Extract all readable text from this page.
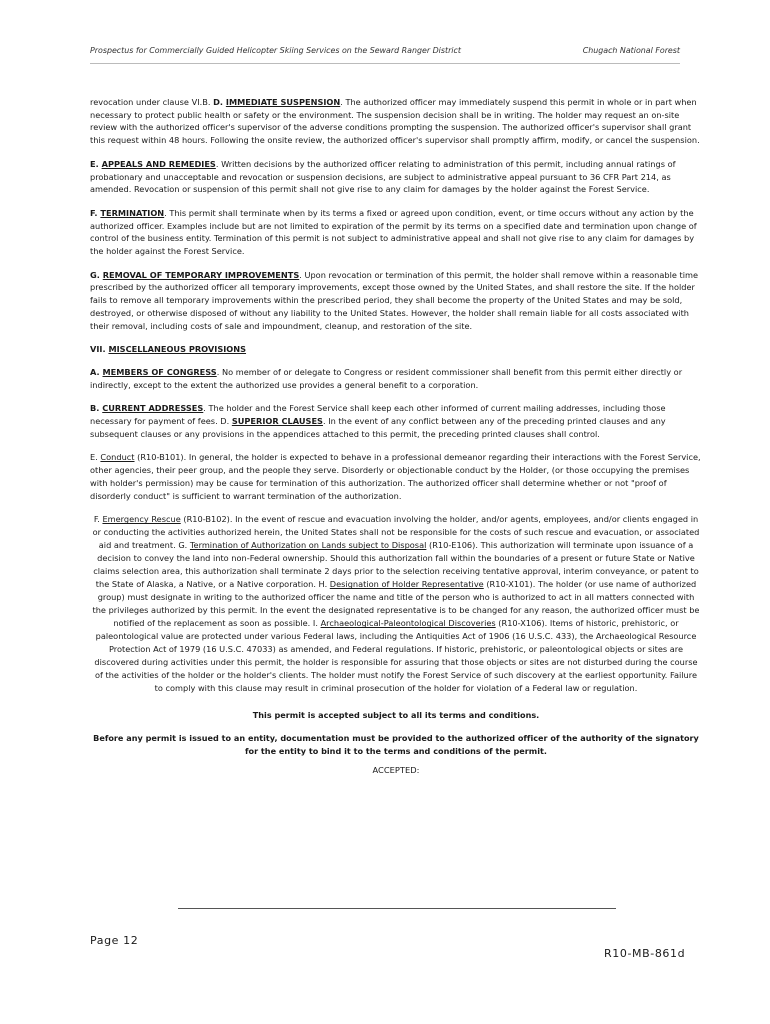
Prospectus for Commercially Guided Helicopter Skiing Services on the Seward Ranger District	Chugach National Forest

revocation under clause VI.B. D. IMMEDIATE SUSPENSION. The authorized officer may immediately suspend this permit in whole or in part when necessary to protect public health or safety or the environment. The suspension decision shall be in writing. The holder may request an on-site review with the authorized officer's supervisor of the adverse conditions prompting the suspension. The authorized officer's supervisor shall grant this request within 48 hours. Following the onsite review, the authorized officer's supervisor shall promptly affirm, modify, or cancel the suspension.

E. APPEALS AND REMEDIES. Written decisions by the authorized officer relating to administration of this permit, including annual ratings of probationary and unacceptable and revocation or suspension decisions, are subject to administrative appeal pursuant to 36 CFR Part 214, as amended. Revocation or suspension of this permit shall not give rise to any claim for damages by the holder against the Forest Service.

F. TERMINATION. This permit shall terminate when by its terms a fixed or agreed upon condition, event, or time occurs without any action by the authorized officer. Examples include but are not limited to expiration of the permit by its terms on a specified date and termination upon change of control of the business entity. Termination of this permit is not subject to administrative appeal and shall not give rise to any claim for damages by the holder against the Forest Service.

G. REMOVAL OF TEMPORARY IMPROVEMENTS. Upon revocation or termination of this permit, the holder shall remove within a reasonable time prescribed by the authorized officer all temporary improvements, except those owned by the United States, and shall restore the site. If the holder fails to remove all temporary improvements within the prescribed period, they shall become the property of the United States and may be sold, destroyed, or otherwise disposed of without any liability to the United States. However, the holder shall remain liable for all costs associated with their removal, including costs of sale and impoundment, cleanup, and restoration of the site.

VII. MISCELLANEOUS PROVISIONS

A. MEMBERS OF CONGRESS. No member of or delegate to Congress or resident commissioner shall benefit from this permit either directly or indirectly, except to the extent the authorized use provides a general benefit to a corporation.

B. CURRENT ADDRESSES. The holder and the Forest Service shall keep each other informed of current mailing addresses, including those necessary for payment of fees. D. SUPERIOR CLAUSES. In the event of any conflict between any of the preceding printed clauses and any subsequent clauses or any provisions in the appendices attached to this permit, the preceding printed clauses shall control.

E. Conduct (R10-B101). In general, the holder is expected to behave in a professional demeanor regarding their interactions with the Forest Service, other agencies, their peer group, and the people they serve. Disorderly or objectionable conduct by the Holder, (or those occupying the premises with holder's permission) may be cause for termination of this authorization. The authorized officer shall determine whether or not "proof of disorderly conduct" is sufficient to warrant termination of the authorization.

F. Emergency Rescue (R10-B102). In the event of rescue and evacuation involving the holder, and/or agents, employees, and/or clients engaged in or conducting the activities authorized herein, the United States shall not be responsible for the costs of such rescue and evacuation, or associated aid and treatment. G. Termination of Authorization on Lands subject to Disposal (R10-E106). This authorization will terminate upon issuance of a decision to convey the land into non-Federal ownership. Should this authorization fall within the boundaries of a present or future State or Native claims selection area, this authorization shall terminate 2 days prior to the selection receiving tentative approval, interim conveyance, or patent to the State of Alaska, a Native, or a Native corporation. H. Designation of Holder Representative (R10-X101). The holder (or use name of authorized group) must designate in writing to the authorized officer the name and title of the person who is authorized to act in all matters connected with the privileges authorized by this permit. In the event the designated representative is to be changed for any reason, the authorized officer must be notified of the replacement as soon as possible. I. Archaeological-Paleontological Discoveries (R10-X106). Items of historic, prehistoric, or paleontological value are protected under various Federal laws, including the Antiquities Act of 1906 (16 U.S.C. 433), the Archaeological Resource Protection Act of 1979 (16 U.S.C. 47033) as amended, and Federal regulations. If historic, prehistoric, or paleontological objects or sites are discovered during activities under this permit, the holder is responsible for assuring that those objects or sites are not disturbed during the course of the activities of the holder or the holder's clients. The holder must notify the Forest Service of such discovery at the earliest opportunity. Failure to comply with this clause may result in criminal prosecution of the holder for violation of a Federal law or regulation.

This permit is accepted subject to all its terms and conditions.

Before any permit is issued to an entity, documentation must be provided to the authorized officer of the authority of the signatory for the entity to bind it to the terms and conditions of the permit.

ACCEPTED:

Page 12
R10-MB-861d
